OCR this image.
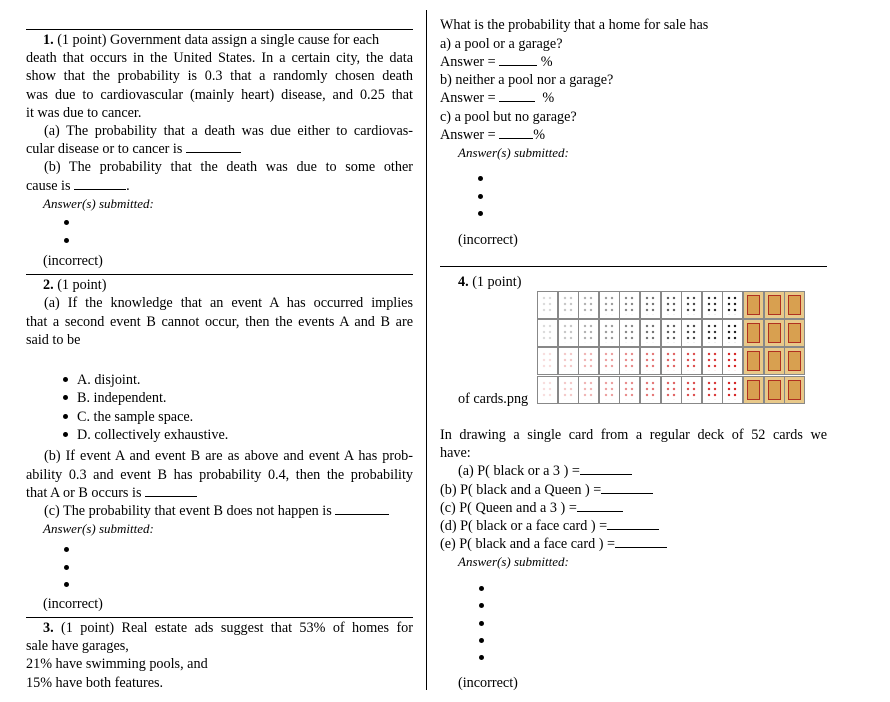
1. (1 point) Government data assign a single cause for each
death that occurs in the United States. In a certain city, the data
show that the probability is 0.3 that a randomly chosen death
was due to cardiovascular (mainly heart) disease, and 0.25 that
it was due to cancer.
(a) The probability that a death was due either to cardiovas-
cular disease or to cancer is
(b) The probability that the death was due to some other
cause is	.
Answer(s) submitted:
(incorrect)
2. (1 point)
(a) If the knowledge that an event A has occurred implies
that a second event B cannot occur, then the events A and B are
said to be
A. disjoint.
B. independent.
C. the sample space.
D. collectively exhaustive.
(b) If event A and event B are as above and event A has prob-
ability 0.3 and event B has probability 0.4, then the probability
that A or B occurs is
(c) The probability that event B does not happen is
Answer(s) submitted:
(incorrect)
3. (1 point) Real estate ads suggest that 53% of homes for
sale have garages,
21% have swimming pools, and
15% have both features.
What is the probability that a home for sale has
a) a pool or a garage?
Answer =	%
b) neither a pool nor a garage?
Answer =	%
c) a pool but no garage?
Answer =	%
Answer(s) submitted:
(incorrect)
4. (1 point)
of cards.png
In drawing a single card from a regular deck of 52 cards we
have:
(a) P( black or a 3 ) =
(b) P( black and a Queen ) =
(c) P( Queen and a 3 ) =
(d) P( black or a face card ) =
(e) P( black and a face card ) =
Answer(s) submitted:
(incorrect)
